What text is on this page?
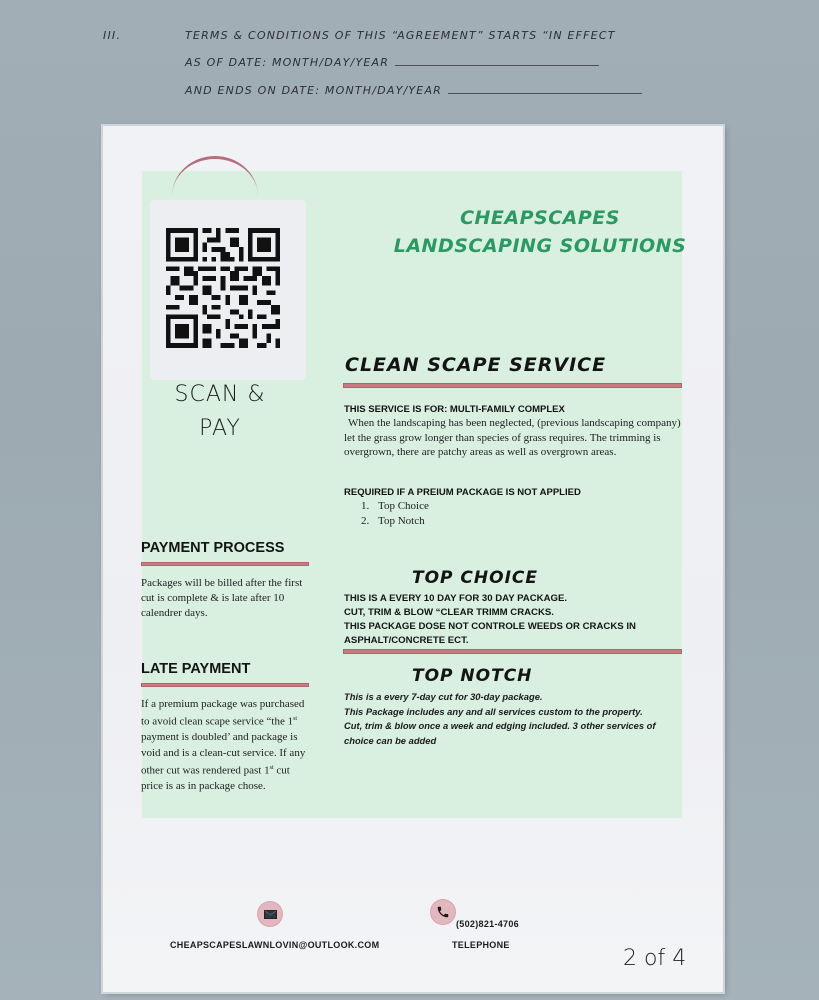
III.	TERMS & CONDITIONS OF THIS “AGREEMENT” STARTS “IN EFFECT
AS OF DATE: MONTH/DAY/YEAR
AND ENDS ON DATE: MONTH/DAY/YEAR
SCAN &
PAY
CHEAPSCAPES
LANDSCAPING SOLUTIONS
CLEAN SCAPE SERVICE
THIS SERVICE IS FOR: MULTI-FAMILY COMPLEX
When the landscaping has been neglected, (previous landscaping company) let the grass grow longer than species of grass requires. The trimming is overgrown, there are patchy areas as well as overgrown areas.
REQUIRED IF A PREIUM PACKAGE IS NOT APPLIED
1. Top Choice
2. Top Notch
TOP CHOICE
THIS IS A EVERY 10 DAY FOR 30 DAY PACKAGE.
CUT, TRIM & BLOW “CLEAR TRIMM CRACKS.
THIS PACKAGE DOSE NOT CONTROLE WEEDS OR CRACKS IN
ASPHALT/CONCRETE ECT.
TOP NOTCH
This is a every 7-day cut for 30-day package.
This Package includes any and all services custom to the property.
Cut, trim & blow once a week and edging included. 3 other services of
choice can be added
PAYMENT PROCESS
Packages will be billed after the first cut is complete & is late after 10 calendrer days.
LATE PAYMENT
If a premium package was purchased to avoid clean scape service “the 1st payment is doubled’ and package is void and is a clean-cut service. If any other cut was rendered past 1st cut price is as in package chose.
CHEAPSCAPESLAWNLOVIN@OUTLOOK.COM
(502)821-4706
TELEPHONE
2 of 4
